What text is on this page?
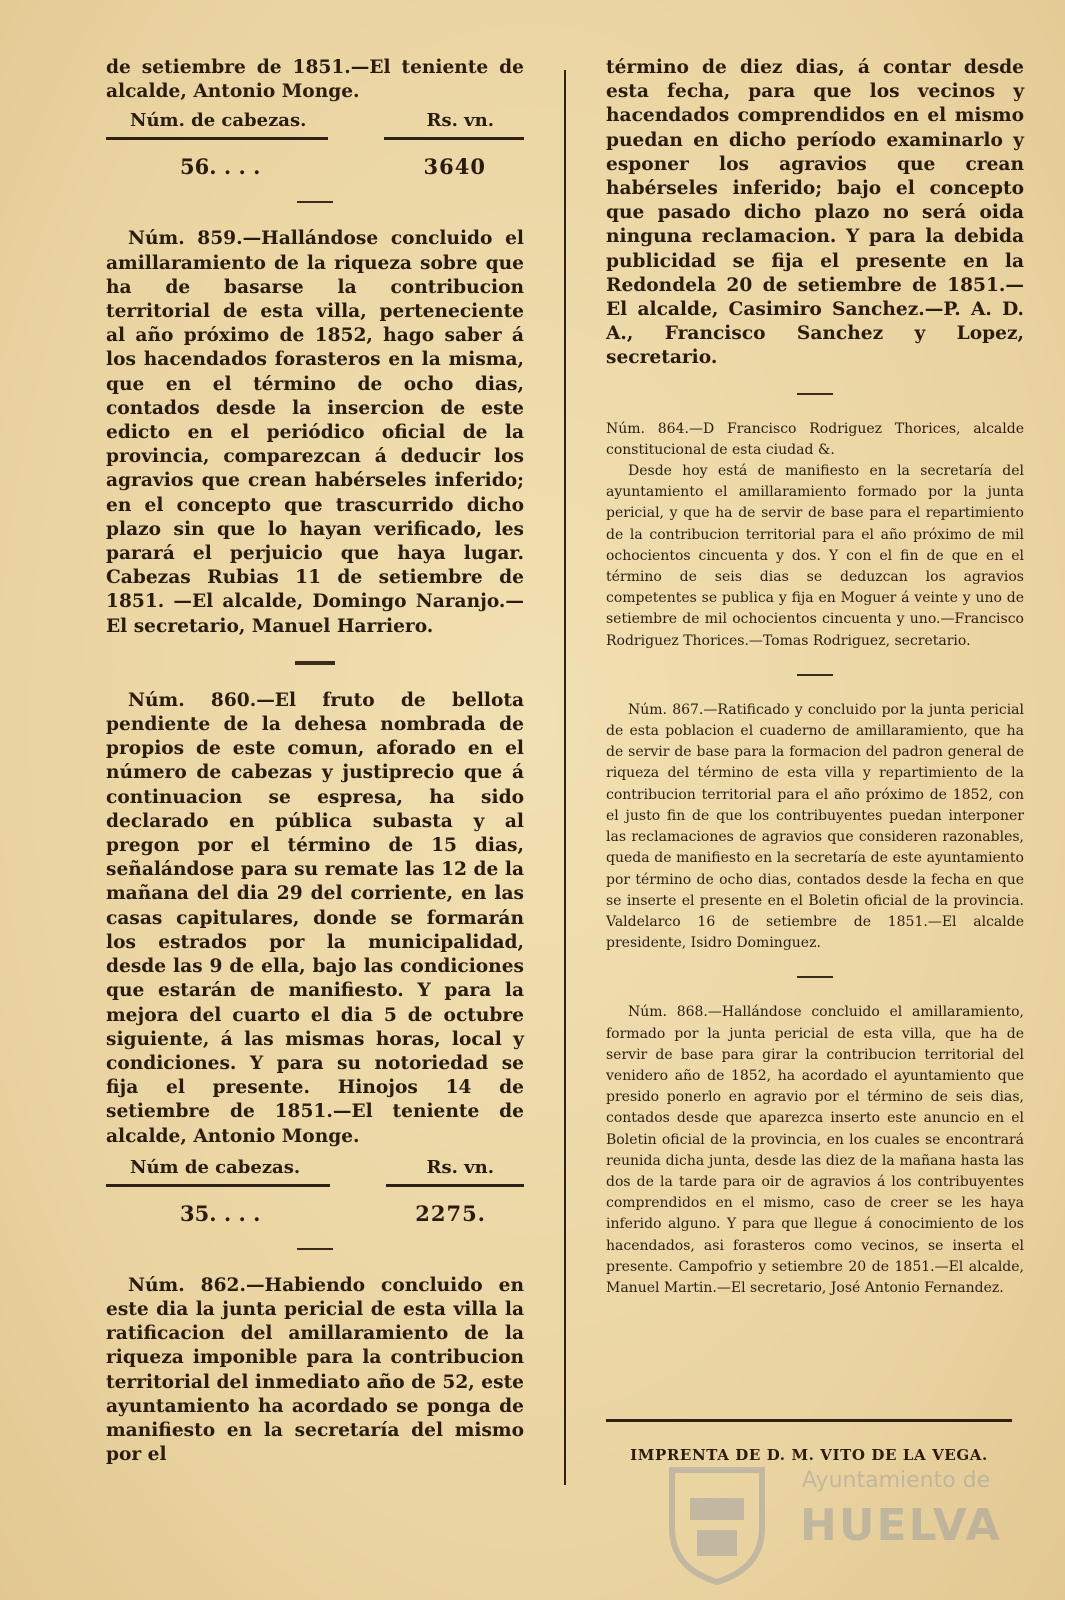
de setiembre de 1851.—El teniente de alcalde, Antonio Monge.

Núm. de cabezas.	Rs. vn.
56. . . .	3640

Núm. 859.—Hallándose concluido el amillaramiento de la riqueza sobre que ha de basarse la contribucion territorial de esta villa, perteneciente al año próximo de 1852, hago saber á los hacendados forasteros en la misma, que en el término de ocho dias, contados desde la insercion de este edicto en el periódico oficial de la provincia, comparezcan á deducir los agravios que crean habérseles inferido; en el concepto que trascurrido dicho plazo sin que lo hayan verificado, les parará el perjuicio que haya lugar. Cabezas Rubias 11 de setiembre de 1851. —El alcalde, Domingo Naranjo.—El secretario, Manuel Harriero.

Núm. 860.—El fruto de bellota pendiente de la dehesa nombrada de propios de este comun, aforado en el número de cabezas y justiprecio que á continuacion se espresa, ha sido declarado en pública subasta y al pregon por el término de 15 dias, señalándose para su remate las 12 de la mañana del dia 29 del corriente, en las casas capitulares, donde se formarán los estrados por la municipalidad, desde las 9 de ella, bajo las condiciones que estarán de manifiesto. Y para la mejora del cuarto el dia 5 de octubre siguiente, á las mismas horas, local y condiciones. Y para su notoriedad se fija el presente. Hinojos 14 de setiembre de 1851.—El teniente de alcalde, Antonio Monge.

Núm de cabezas.	Rs. vn.
35. . . .	2275.

Núm. 862.—Habiendo concluido en este dia la junta pericial de esta villa la ratificacion del amillaramiento de la riqueza imponible para la contribucion territorial del inmediato año de 52, este ayuntamiento ha acordado se ponga de manifiesto en la secretaría del mismo por el

término de diez dias, á contar desde esta fecha, para que los vecinos y hacendados comprendidos en el mismo puedan en dicho período examinarlo y esponer los agravios que crean habérseles inferido; bajo el concepto que pasado dicho plazo no será oida ninguna reclamacion. Y para la debida publicidad se fija el presente en la Redondela 20 de setiembre de 1851.—El alcalde, Casimiro Sanchez.—P. A. D. A., Francisco Sanchez y Lopez, secretario.

Núm. 864.—D Francisco Rodriguez Thorices, alcalde constitucional de esta ciudad &.

Desde hoy está de manifiesto en la secretaría del ayuntamiento el amillaramiento formado por la junta pericial, y que ha de servir de base para el repartimiento de la contribucion territorial para el año próximo de mil ochocientos cincuenta y dos. Y con el fin de que en el término de seis dias se deduzcan los agravios competentes se publica y fija en Moguer á veinte y uno de setiembre de mil ochocientos cincuenta y uno.—Francisco Rodriguez Thorices.—Tomas Rodriguez, secretario.

Núm. 867.—Ratificado y concluido por la junta pericial de esta poblacion el cuaderno de amillaramiento, que ha de servir de base para la formacion del padron general de riqueza del término de esta villa y repartimiento de la contribucion territorial para el año próximo de 1852, con el justo fin de que los contribuyentes puedan interponer las reclamaciones de agravios que consideren razonables, queda de manifiesto en la secretaría de este ayuntamiento por término de ocho dias, contados desde la fecha en que se inserte el presente en el Boletin oficial de la provincia. Valdelarco 16 de setiembre de 1851.—El alcalde presidente, Isidro Dominguez.

Núm. 868.—Hallándose concluido el amillaramiento, formado por la junta pericial de esta villa, que ha de servir de base para girar la contribucion territorial del venidero año de 1852, ha acordado el ayuntamiento que presido ponerlo en agravio por el término de seis dias, contados desde que aparezca inserto este anuncio en el Boletin oficial de la provincia, en los cuales se encontrará reunida dicha junta, desde las diez de la mañana hasta las dos de la tarde para oir de agravios á los contribuyentes comprendidos en el mismo, caso de creer se les haya inferido alguno. Y para que llegue á conocimiento de los hacendados, asi forasteros como vecinos, se inserta el presente. Campofrio y setiembre 20 de 1851.—El alcalde, Manuel Martin.—El secretario, José Antonio Fernandez.

IMPRENTA DE D. M. VITO DE LA VEGA.
Ayuntamiento de
HUELVA
